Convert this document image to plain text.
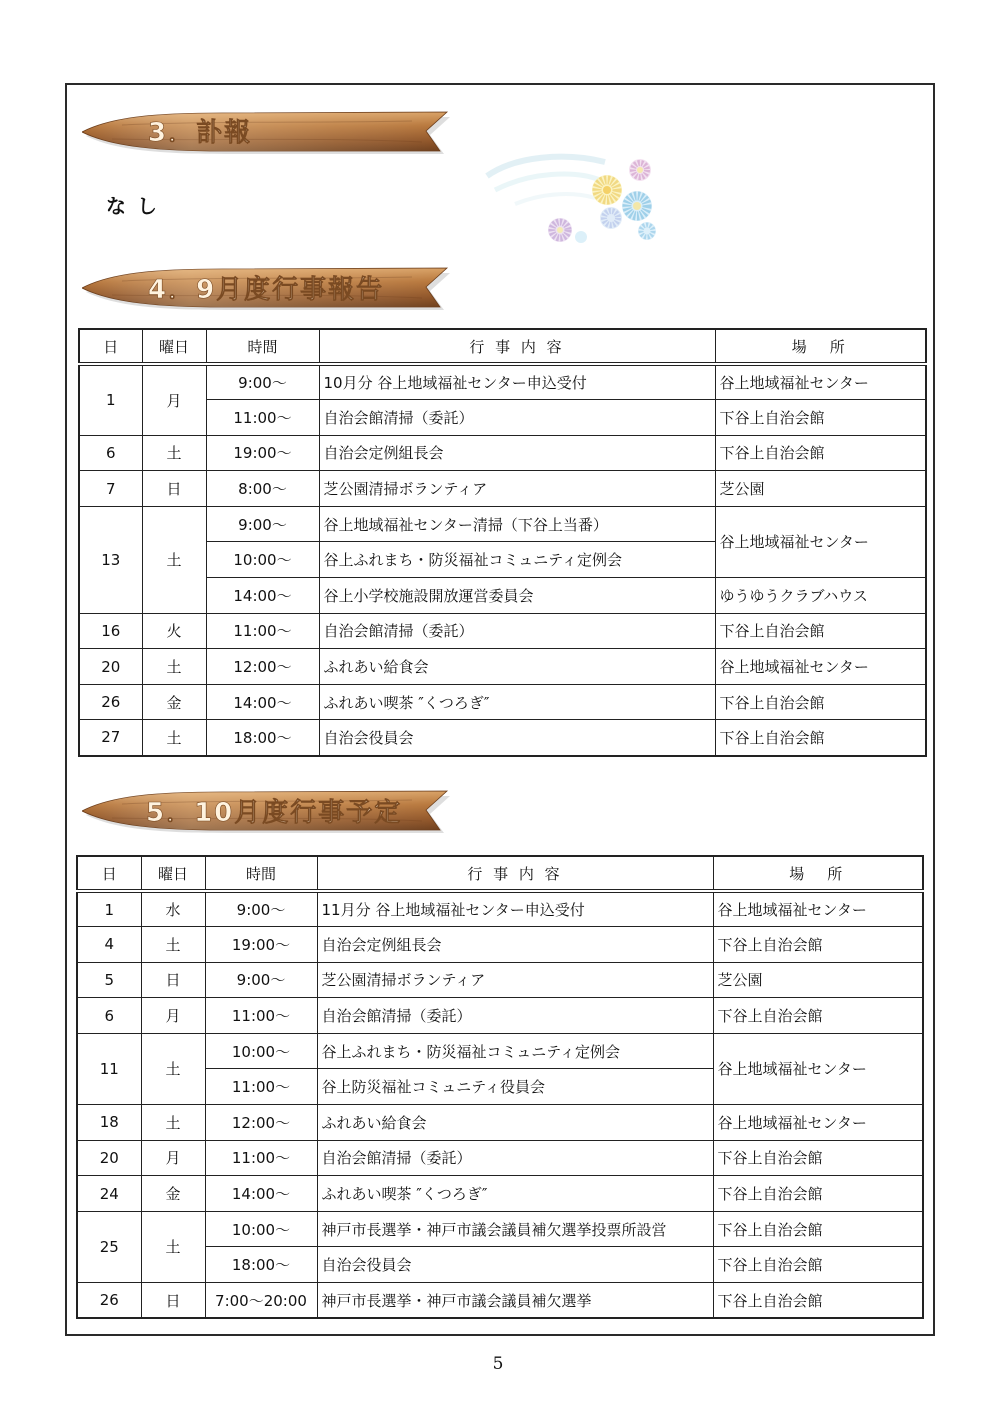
3．訃報
な し
4．9月度行事報告
日	曜日	時間	行 事 内 容	場　所
1	月	9:00～	10月分 谷上地域福祉センター申込受付	谷上地域福祉センター
		11:00～	自治会館清掃（委託）	下谷上自治会館
6	土	19:00～	自治会定例組長会	下谷上自治会館
7	日	8:00～	芝公園清掃ボランティア	芝公園
13	土	9:00～	谷上地域福祉センター清掃（下谷上当番）	谷上地域福祉センター
		10:00～	谷上ふれまち・防災福祉コミュニティ定例会	
		14:00～	谷上小学校施設開放運営委員会	ゆうゆうクラブハウス
16	火	11:00～	自治会館清掃（委託）	下谷上自治会館
20	土	12:00～	ふれあい給食会	谷上地域福祉センター
26	金	14:00～	ふれあい喫茶 ″くつろぎ″	下谷上自治会館
27	土	18:00～	自治会役員会	下谷上自治会館
5．10月度行事予定
日	曜日	時間	行 事 内 容	場　所
1	水	9:00～	11月分 谷上地域福祉センター申込受付	谷上地域福祉センター
4	土	19:00～	自治会定例組長会	下谷上自治会館
5	日	9:00～	芝公園清掃ボランティア	芝公園
6	月	11:00～	自治会館清掃（委託）	下谷上自治会館
11	土	10:00～	谷上ふれまち・防災福祉コミュニティ定例会	谷上地域福祉センター
		11:00～	谷上防災福祉コミュニティ役員会	
18	土	12:00～	ふれあい給食会	谷上地域福祉センター
20	月	11:00～	自治会館清掃（委託）	下谷上自治会館
24	金	14:00～	ふれあい喫茶 ″くつろぎ″	下谷上自治会館
25	土	10:00～	神戸市長選挙・神戸市議会議員補欠選挙投票所設営	下谷上自治会館
		18:00～	自治会役員会	下谷上自治会館
26	日	7:00～20:00	神戸市長選挙・神戸市議会議員補欠選挙	下谷上自治会館
5
